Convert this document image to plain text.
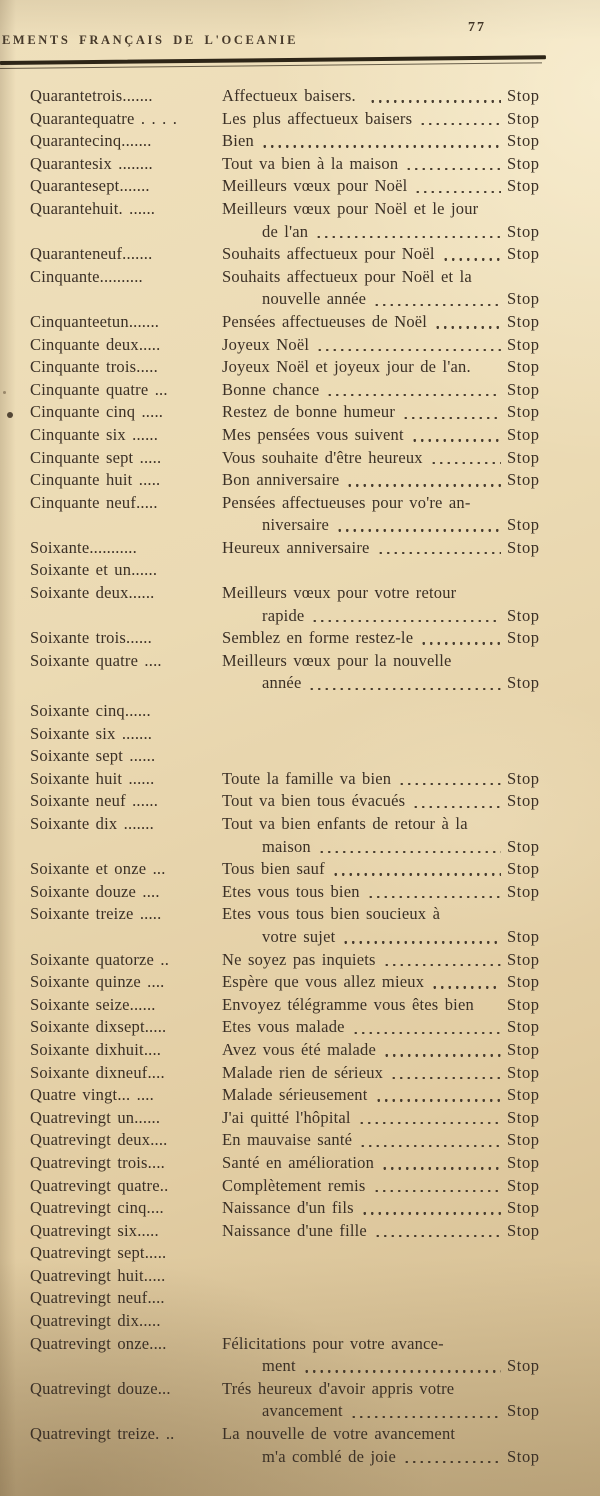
EMENTS FRANÇAIS DE L'OCEANIE
77
Quarantetrois.......	Affectueux baisers.	Stop
Quarantequatre . . . .	Les plus affectueux baisers	Stop
Quarantecinq.......	Bien	Stop
Quarantesix ........	Tout va bien à la maison	Stop
Quarantesept.......	Meilleurs vœux pour Noël	Stop
Quarantehuit. ......	Meilleurs vœux pour Noël et le jour
de l'an	Stop
Quaranteneuf.......	Souhaits affectueux pour Noël	Stop
Cinquante..........	Souhaits affectueux pour Noël et la
nouvelle année	Stop
Cinquanteetun.......	Pensées affectueuses de Noël	Stop
Cinquante deux.....	Joyeux Noël	Stop
Cinquante trois.....	Joyeux Noël et joyeux jour de l'an. Stop
Cinquante quatre ...	Bonne chance	Stop
Cinquante cinq .....	Restez de bonne humeur	Stop
Cinquante six ......	Mes pensées vous suivent	Stop
Cinquante sept .....	Vous souhaite d'être heureux	Stop
Cinquante huit .....	Bon anniversaire	Stop
Cinquante neuf.....	Pensées affectueuses pour vo're an-
niversaire	Stop
Soixante...........	Heureux anniversaire	Stop
Soixante et un......
Soixante deux......	Meilleurs vœux pour votre retour
rapide	Stop
Soixante trois......	Semblez en forme restez-le	Stop
Soixante quatre ....	Meilleurs vœux pour la nouvelle
année	Stop
Soixante cinq......
Soixante six .......
Soixante sept ......
Soixante huit ......	Toute la famille va bien	Stop
Soixante neuf ......	Tout va bien tous évacués	Stop
Soixante dix .......	Tout va bien enfants de retour à la
maison	Stop
Soixante et onze ...	Tous bien sauf	Stop
Soixante douze ....	Etes vous tous bien	Stop
Soixante treize .....	Etes vous tous bien soucieux à
votre sujet	Stop
Soixante quatorze ..	Ne soyez pas inquiets	Stop
Soixante quinze ....	Espère que vous allez mieux	Stop
Soixante seize......	Envoyez télégramme vous êtes bien Stop
Soixante dixsept.....	Etes vous malade	Stop
Soixante dixhuit....	Avez vous été malade	Stop
Soixante dixneuf....	Malade rien de sérieux	Stop
Quatre vingt... ....	Malade sérieusement	Stop
Quatrevingt un......	J'ai quitté l'hôpital	Stop
Quatrevingt deux....	En mauvaise santé	Stop
Quatrevingt trois....	Santé en amélioration	Stop
Quatrevingt quatre..	Complètement remis	Stop
Quatrevingt cinq....	Naissance d'un fils	Stop
Quatrevingt six.....	Naissance d'une fille	Stop
Quatrevingt sept.....
Quatrevingt huit.....
Quatrevingt neuf....
Quatrevingt dix.....
Quatrevingt onze....	Félicitations pour votre avance-
ment	Stop
Quatrevingt douze...	Trés heureux d'avoir appris votre
avancement	Stop
Quatrevingt treize. ..	La nouvelle de votre avancement
m'a comblé de joie	Stop
